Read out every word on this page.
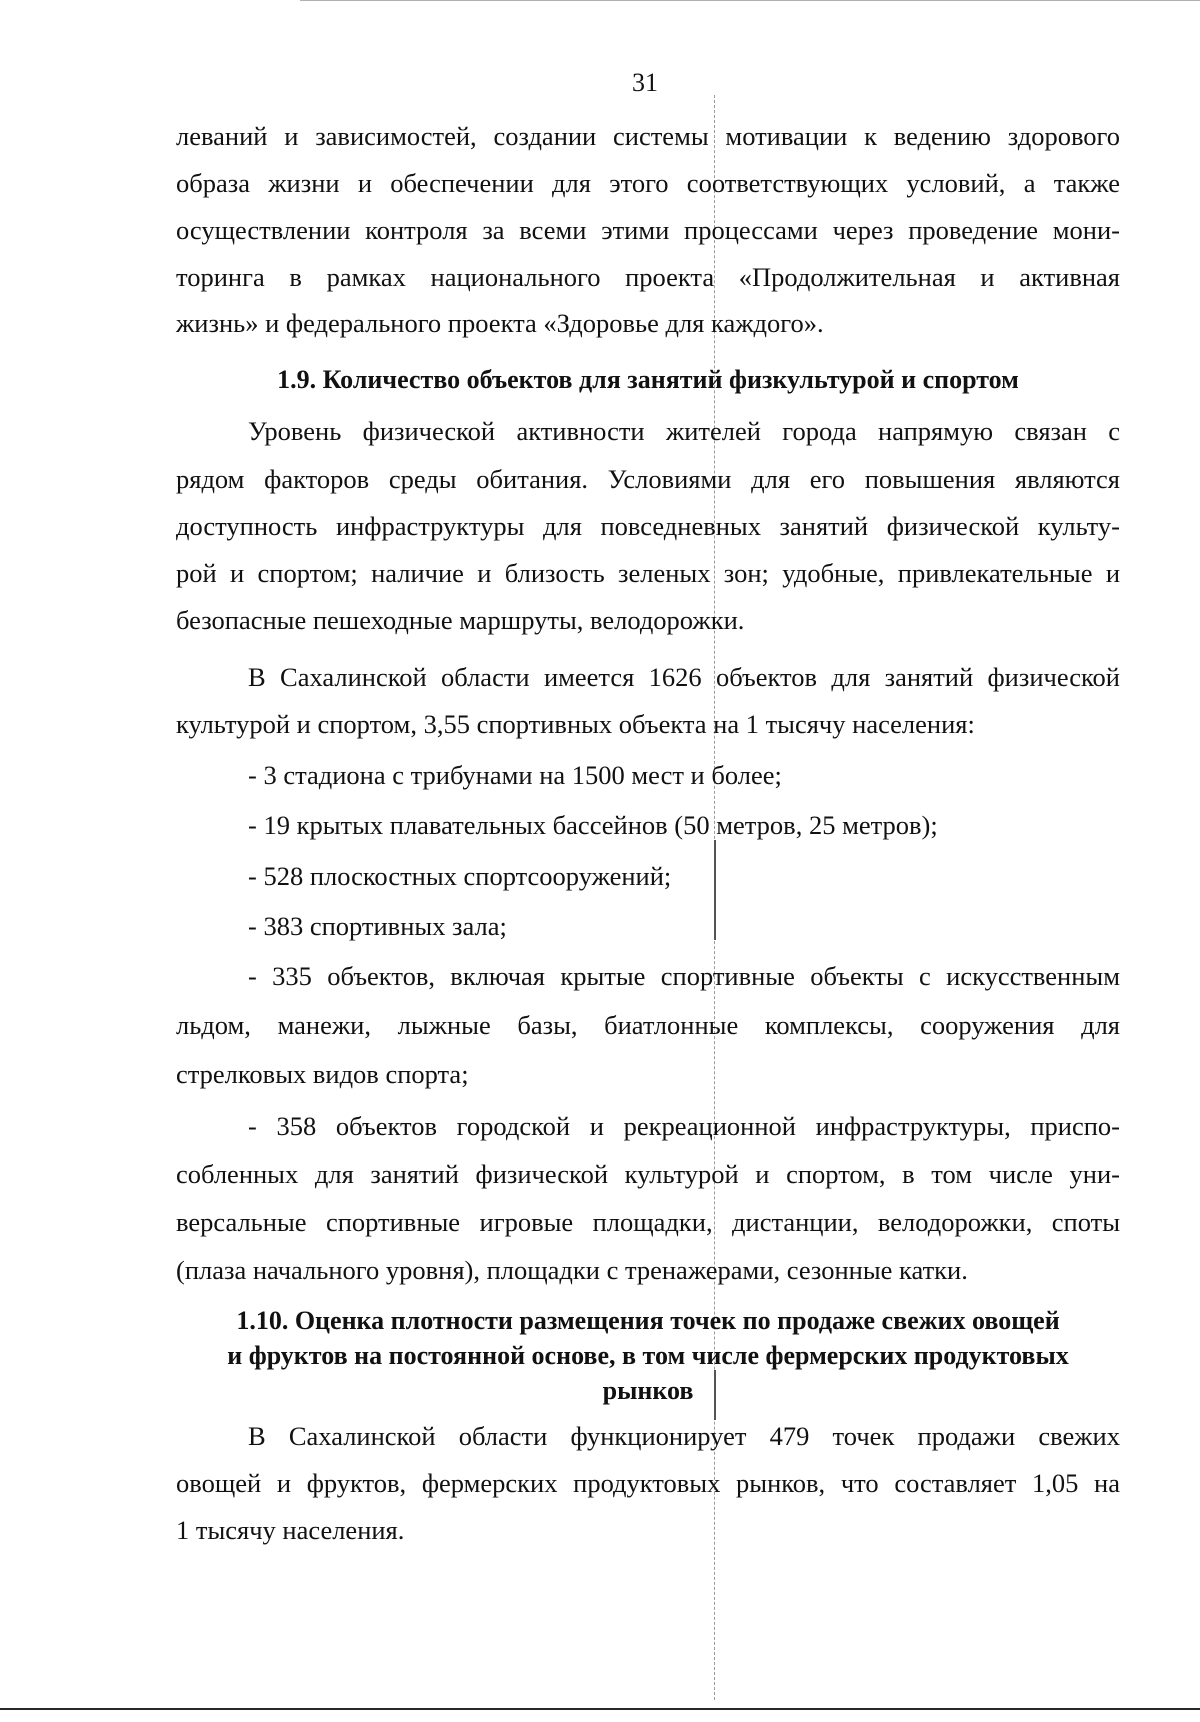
31
леваний и зависимостей, создании системы мотивации к ведению здорового
образа жизни и обеспечении для этого соответствующих условий, а также
осуществлении контроля за всеми этими процессами через проведение мони-
торинга в рамках национального проекта «Продолжительная и активная
жизнь» и федерального проекта «Здоровье для каждого».
1.9. Количество объектов для занятий физкультурой и спортом
Уровень физической активности жителей города напрямую связан с
рядом факторов среды обитания. Условиями для его повышения являются
доступность инфраструктуры для повседневных занятий физической культу-
рой и спортом; наличие и близость зеленых зон; удобные, привлекательные и
безопасные пешеходные маршруты, велодорожки.
В Сахалинской области имеется 1626 объектов для занятий физической
культурой и спортом, 3,55 спортивных объекта на 1 тысячу населения:
- 3 стадиона с трибунами на 1500 мест и более;
- 19 крытых плавательных бассейнов (50 метров, 25 метров);
- 528 плоскостных спортсооружений;
- 383 спортивных зала;
- 335 объектов, включая крытые спортивные объекты с искусственным
льдом, манежи, лыжные базы, биатлонные комплексы, сооружения для
стрелковых видов спорта;
- 358 объектов городской и рекреационной инфраструктуры, приспо-
собленных для занятий физической культурой и спортом, в том числе уни-
версальные спортивные игровые площадки, дистанции, велодорожки, споты
(плаза начального уровня), площадки с тренажерами, сезонные катки.
1.10. Оценка плотности размещения точек по продаже свежих овощей
и фруктов на постоянной основе, в том числе фермерских продуктовых
рынков
В Сахалинской области функционирует 479 точек продажи свежих
овощей и фруктов, фермерских продуктовых рынков, что составляет 1,05 на
1 тысячу населения.
